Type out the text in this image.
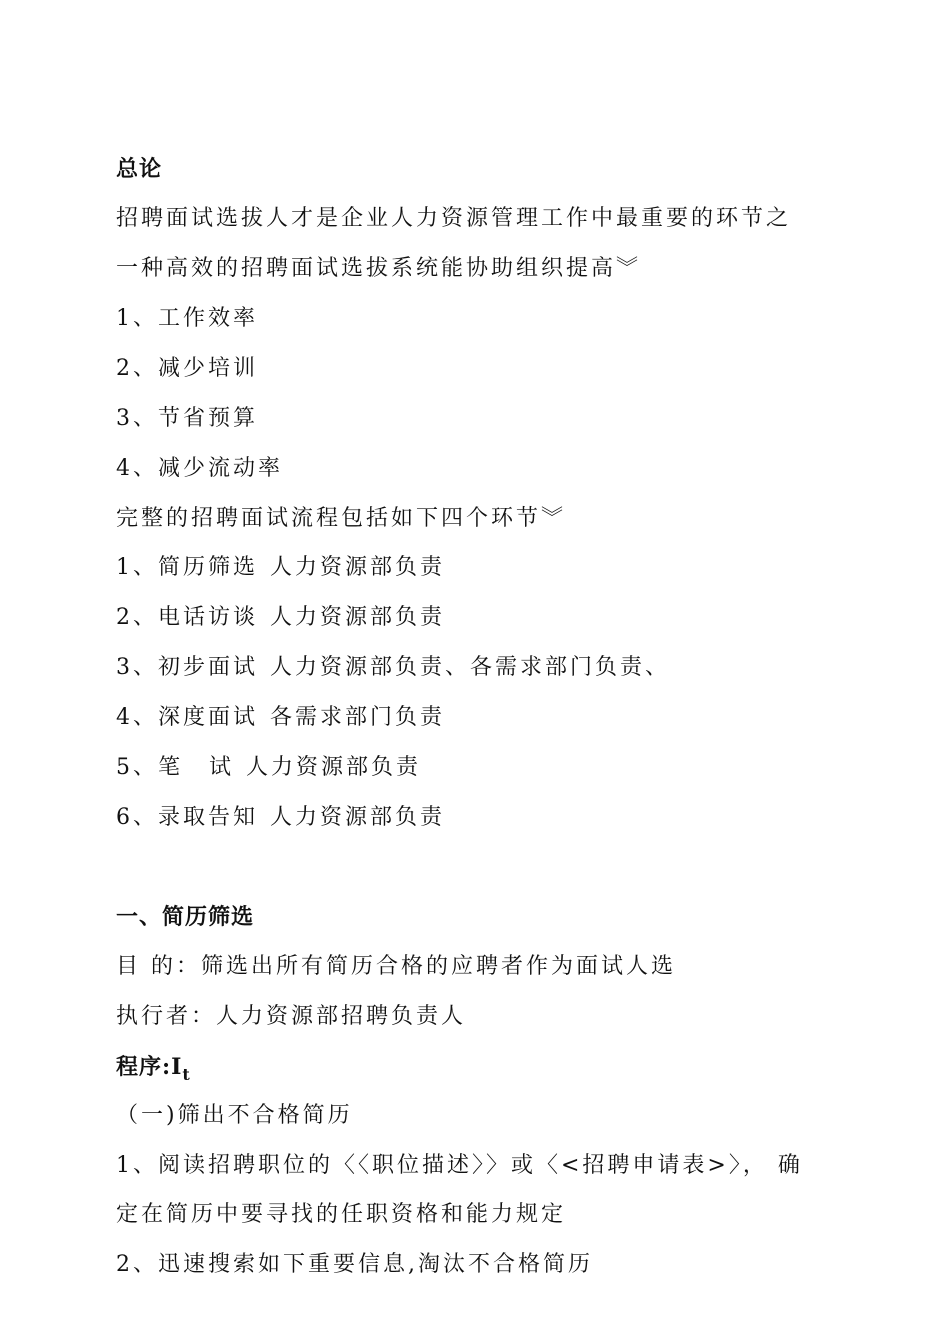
总论
招聘面试选拔人才是企业人力资源管理工作中最重要的环节之
一种高效的招聘面试选拔系统能协助组织提高︾
1、工作效率
2、减少培训
3、节省预算
4、减少流动率
完整的招聘面试流程包括如下四个环节︾
1、简历筛选 人力资源部负责
2、电话访谈 人力资源部负责
3、初步面试 人力资源部负责、各需求部门负责、
4、深度面试 各需求部门负责
5、笔 试 人力资源部负责
6、录取告知 人力资源部负责
一、简历筛选
目 的：筛选出所有简历合格的应聘者作为面试人选
执行者：人力资源部招聘负责人
程序$:I_t$
（一)筛出不合格简历
1、阅读招聘职位的〈〈职位描述〉〉或〈<招聘申请表>〉， 确
定在简历中要寻找的任职资格和能力规定
2、迅速搜索如下重要信息,淘汰不合格简历
